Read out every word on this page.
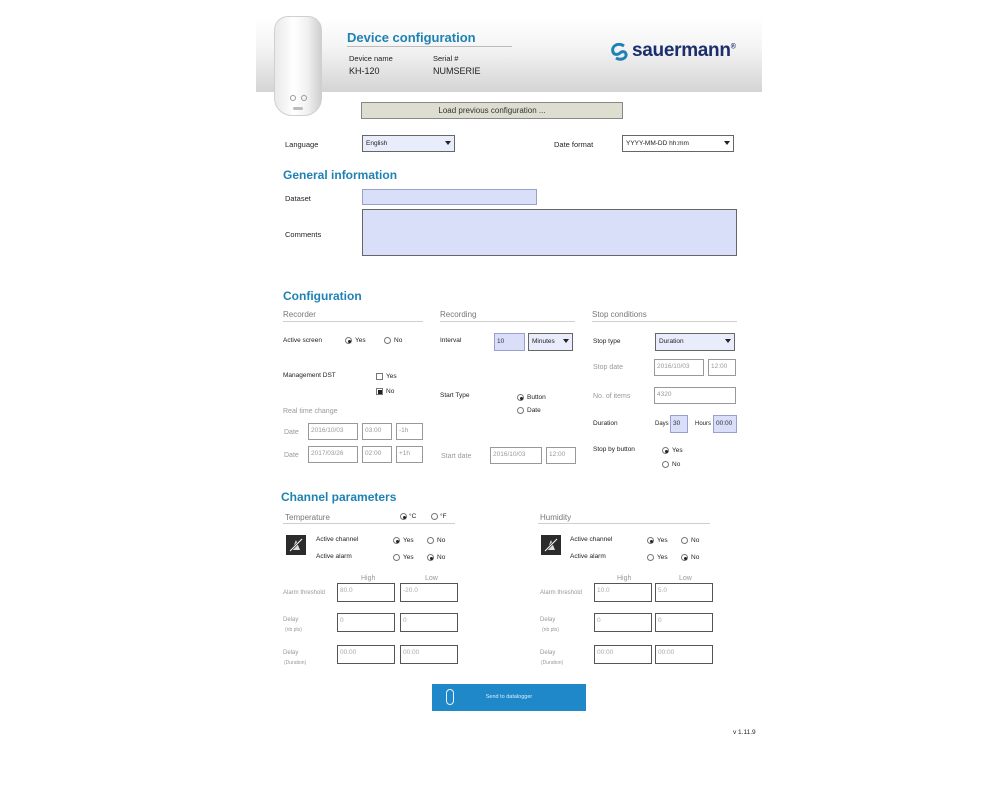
Device configuration
Device name
KH-120
Serial #
NUMSERIE
sauermann®
Load previous configuration ...
Language	English	Date format	YYYY-MM-DD hh:mm
General information
Dataset
Comments
Configuration
Recorder
Active screen	Yes	No
Management DST	Yes
No
Real time change
Date	2016/10/03	03:00	-1h
Date	2017/03/26	02:00	+1h
Recording
Interval	10	Minutes
Start Type	Button
Date
Start date	2016/10/03	12:00
Stop conditions
Stop type	Duration
Stop date	2016/10/03	12:00
No. of items	4320
Duration	Days 30	Hours 00:00
Stop by button	Yes
No
Channel parameters
Temperature	°C	°F
Active channel	Yes	No
Active alarm	Yes	No
High	Low
Alarm threshold	80.0	-20.0
Delay
(nb pts)
0	0
Delay
(Duration)
00:00	00:00
Humidity
Active channel	Yes	No
Active alarm	Yes	No
High	Low
Alarm threshold	10.0	5.0
Delay
(nb pts)
0	0
Delay
(Duration)
00:00	00:00
Send to datalogger
v 1.11.9
